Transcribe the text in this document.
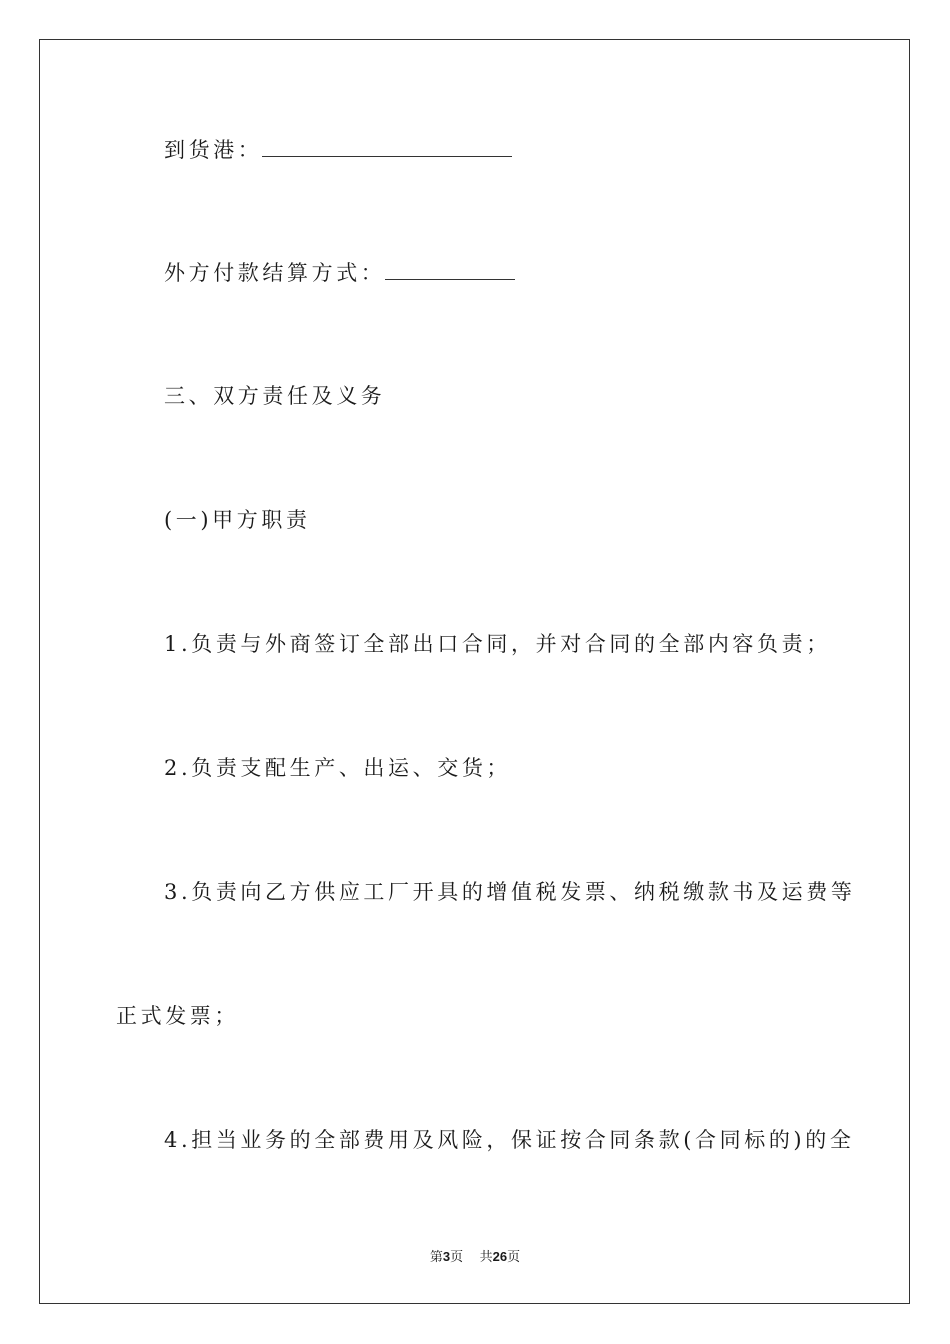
到货港：
外方付款结算方式：
三、双方责任及义务
(一)甲方职责
1.负责与外商签订全部出口合同，并对合同的全部内容负责；
2.负责支配生产、出运、交货；
3.负责向乙方供应工厂开具的增值税发票、纳税缴款书及运费等
正式发票；
4.担当业务的全部费用及风险，保证按合同条款(合同标的)的全
第3页 共26页
